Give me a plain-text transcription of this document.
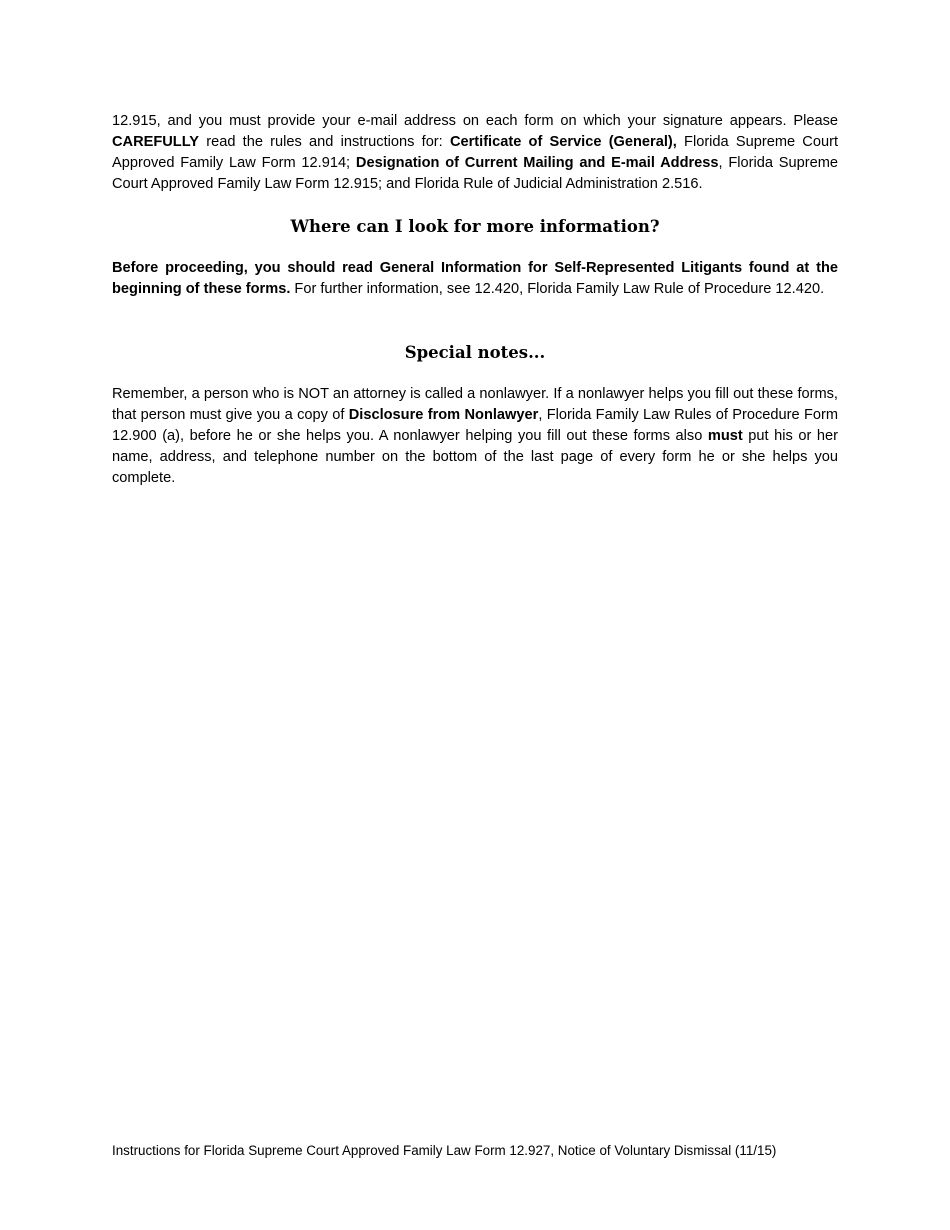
12.915, and you must provide your e-mail address on each form on which your signature appears. Please CAREFULLY read the rules and instructions for: Certificate of Service (General), Florida Supreme Court Approved Family Law Form 12.914; Designation of Current Mailing and E-mail Address, Florida Supreme Court Approved Family Law Form 12.915; and Florida Rule of Judicial Administration 2.516.

Where can I look for more information?

Before proceeding, you should read General Information for Self-Represented Litigants found at the beginning of these forms. For further information, see 12.420, Florida Family Law Rule of Procedure 12.420.

Special notes...

Remember, a person who is NOT an attorney is called a nonlawyer. If a nonlawyer helps you fill out these forms, that person must give you a copy of Disclosure from Nonlawyer, Florida Family Law Rules of Procedure Form 12.900 (a), before he or she helps you. A nonlawyer helping you fill out these forms also must put his or her name, address, and telephone number on the bottom of the last page of every form he or she helps you complete.

Instructions for Florida Supreme Court Approved Family Law Form 12.927, Notice of Voluntary Dismissal (11/15)
